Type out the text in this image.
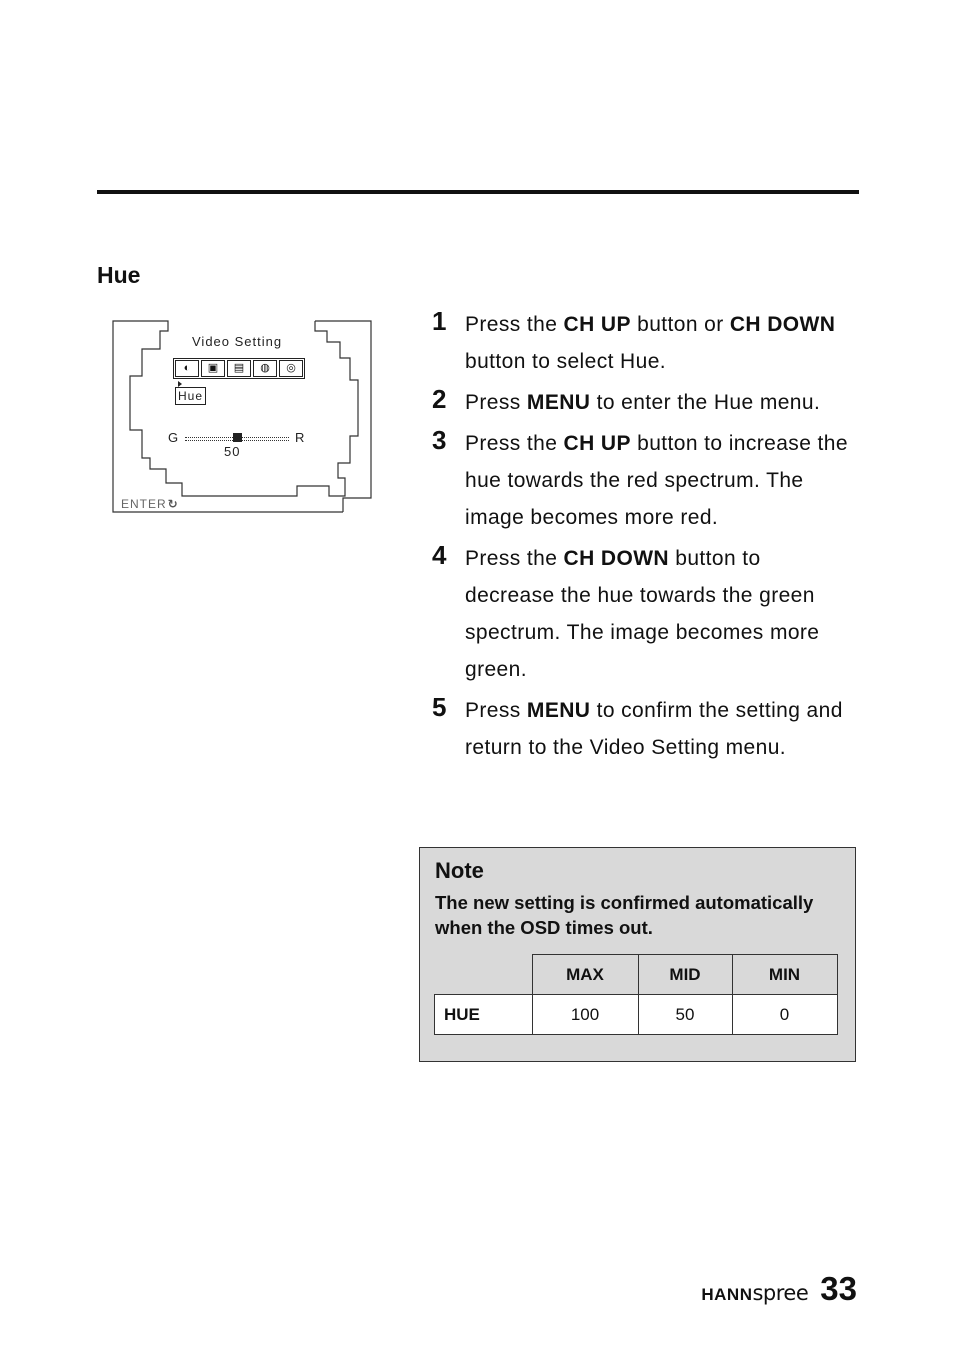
Hue
Video Setting
◐	▣	▤	◍	◎
Hue
G	R
50
ENTER ↻
1 Press the CH UP button or CH DOWN button to select Hue.
2 Press MENU to enter the Hue menu.
3 Press the CH UP button to increase the hue towards the red spectrum. The image becomes more red.
4 Press the CH DOWN button to decrease the hue towards the green spectrum. The image becomes more green.
5 Press MENU to confirm the setting and return to the Video Setting menu.
Note

The new setting is confirmed automatically when the OSD times out.

	MAX	MID	MIN
HUE	100	50	0
HANNspree 33
